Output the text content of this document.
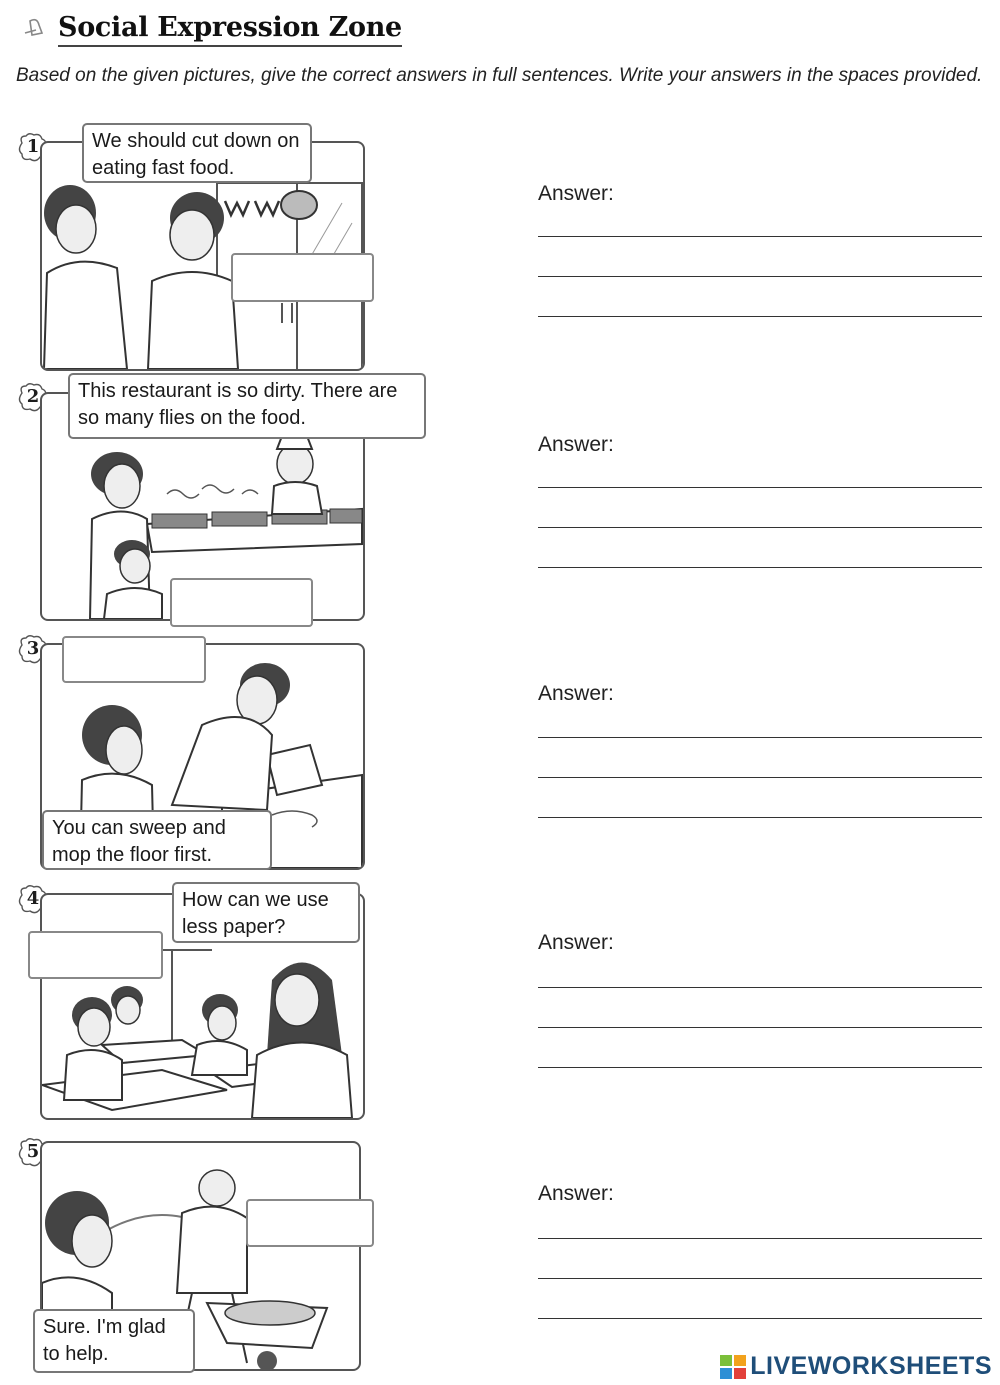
Social Expression Zone
Based on the given pictures, give the correct answers in full sentences. Write your answers in the spaces provided.
1	We should cut down on eating fast food.
Answer:
2	This restaurant is so dirty. There are so many flies on the food.
Answer:
3
You can sweep and mop the floor first.
Answer:
4	How can we use less paper?
Answer:
5
Sure. I'm glad to help.
Answer:
LIVEWORKSHEETS
